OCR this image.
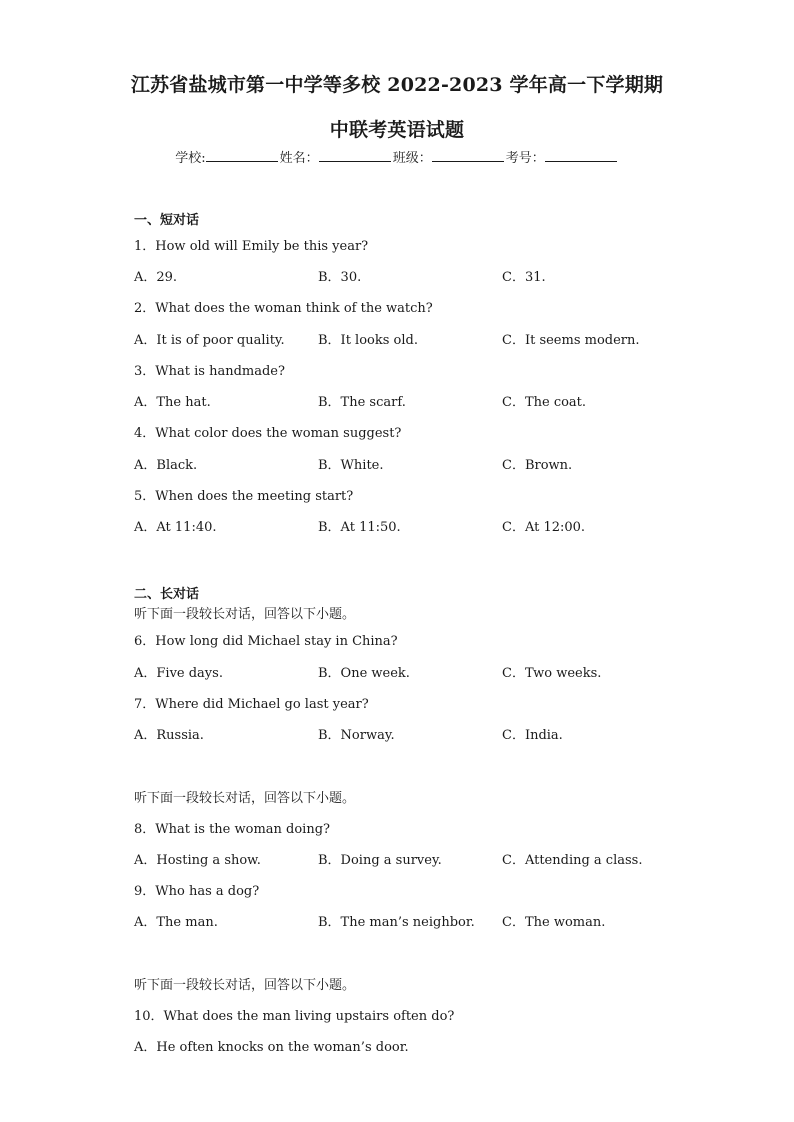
江苏省盐城市第一中学等多校 2022-2023 学年高一下学期期
中联考英语试题
学校:	姓名：	班级：	考号：
一、短对话
1．How old will Emily be this year?
A．29.	B．30.	C．31.
2．What does the woman think of the watch?
A．It is of poor quality.	B．It looks old.	C．It seems modern.
3．What is handmade?
A．The hat.	B．The scarf.	C．The coat.
4．What color does the woman suggest?
A．Black.	B．White.	C．Brown.
5．When does the meeting start?
A．At 11:40.	B．At 11:50.	C．At 12:00.
二、长对话
听下面一段较长对话，回答以下小题。
6．How long did Michael stay in China?
A．Five days.	B．One week.	C．Two weeks.
7．Where did Michael go last year?
A．Russia.	B．Norway.	C．India.
听下面一段较长对话，回答以下小题。
8．What is the woman doing?
A．Hosting a show.	B．Doing a survey.	C．Attending a class.
9．Who has a dog?
A．The man.	B．The man’s neighbor. C．The woman.
听下面一段较长对话，回答以下小题。
10．What does the man living upstairs often do?
A．He often knocks on the woman’s door.
